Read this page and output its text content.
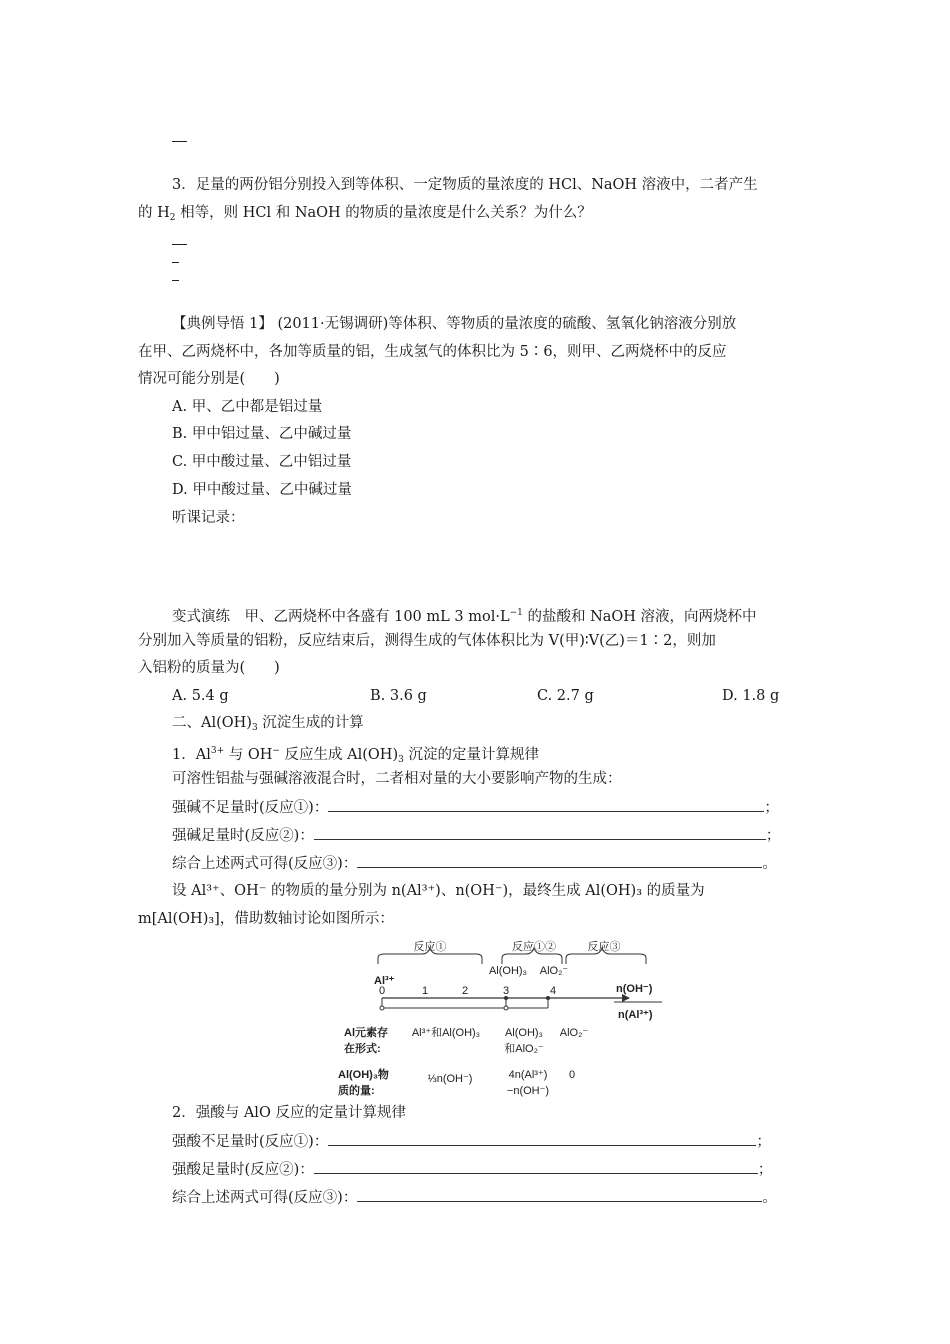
3．足量的两份铝分别投入到等体积、一定物质的量浓度的 HCl、NaOH 溶液中，二者产生
的 $H_2$ 相等，则 HCl 和 NaOH 的物质的量浓度是什么关系？为什么？
【典例导悟 1】 (2011·无锡调研)等体积、等物质的量浓度的硫酸、氢氧化钠溶液分别放
在甲、乙两烧杯中，各加等质量的铝，生成氢气的体积比为 5∶6，则甲、乙两烧杯中的反应
情况可能分别是(　　)
A. 甲、乙中都是铝过量
B. 甲中铝过量、乙中碱过量
C. 甲中酸过量、乙中铝过量
D. 甲中酸过量、乙中碱过量
听课记录：
变式演练　甲、乙两烧杯中各盛有 100 mL 3 $mol\cdot L^{-1}$ 的盐酸和 NaOH 溶液，向两烧杯中
分别加入等质量的铝粉，反应结束后，测得生成的气体体积比为 V(甲)∶V(乙)＝1∶2，则加
入铝粉的质量为(　　)
A. 5.4 g	B. 3.6 g	C. 2.7 g	D. 1.8 g
二、$Al(OH)_3$ 沉淀生成的计算
1．$Al^{3+}$ 与 OH− 反应生成 $Al(OH)_3$ 沉淀的定量计算规律
可溶性铝盐与强碱溶液混合时，二者相对量的大小要影响产物的生成：
强碱不足量时(反应①)：	；
强碱足量时(反应②)：	；
综合上述两式可得(反应③)：	。
设 Al³⁺、OH⁻ 的物质的量分别为 n(Al³⁺)、n(OH⁻)，最终生成 Al(OH)₃ 的质量为
m[Al(OH)₃]，借助数轴讨论如图所示：
反应①	反应①②	反应③
Al(OH)₃ AlO₂⁻
Al³⁺
0	1	2	3	4	n(OH⁻)
n(Al³⁺)
Al元素存
在形式:
Al³⁺和Al(OH)₃ Al(OH)₃
和AlO₂⁻
AlO₂⁻
Al(OH)₃物
质的量:
⅓n(OH⁻)	4n(Al³⁺)
−n(OH⁻)
0
2．强酸与 AlO 反应的定量计算规律
强酸不足量时(反应①)：	；
强酸足量时(反应②)：	；
综合上述两式可得(反应③)：	。
